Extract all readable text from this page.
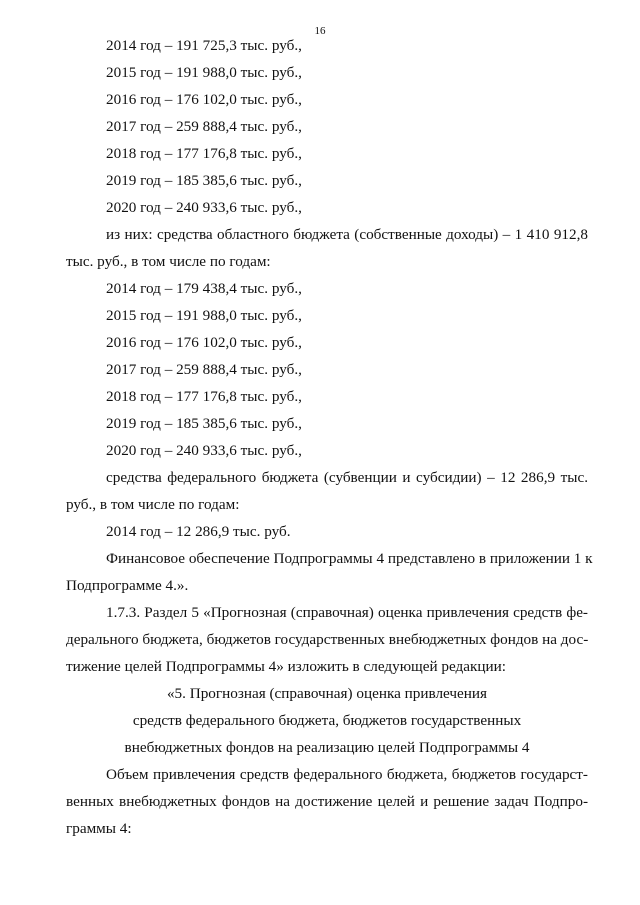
16
2014 год – 191 725,3 тыс. руб.,
2015 год – 191 988,0 тыс. руб.,
2016 год – 176 102,0 тыс. руб.,
2017 год – 259 888,4 тыс. руб.,
2018 год – 177 176,8 тыс. руб.,
2019 год – 185 385,6 тыс. руб.,
2020 год – 240 933,6 тыс. руб.,
из них: средства областного бюджета (собственные доходы) – 1 410 912,8
тыс. руб., в том числе по годам:
2014 год – 179 438,4 тыс. руб.,
2015 год – 191 988,0 тыс. руб.,
2016 год – 176 102,0 тыс. руб.,
2017 год – 259 888,4 тыс. руб.,
2018 год – 177 176,8 тыс. руб.,
2019 год – 185 385,6 тыс. руб.,
2020 год – 240 933,6 тыс. руб.,
средства федерального бюджета (субвенции и субсидии) – 12 286,9 тыс.
руб., в том числе по годам:
2014 год – 12 286,9 тыс. руб.
Финансовое обеспечение Подпрограммы 4 представлено в приложении 1 к
Подпрограмме 4.».
1.7.3. Раздел 5 «Прогнозная (справочная) оценка привлечения средств фе-
дерального бюджета, бюджетов государственных внебюджетных фондов на дос-
тижение целей Подпрограммы 4» изложить в следующей редакции:
«5. Прогнозная (справочная) оценка привлечения
средств федерального бюджета, бюджетов государственных
внебюджетных фондов на реализацию целей Подпрограммы 4
Объем привлечения средств федерального бюджета, бюджетов государст-
венных внебюджетных фондов на достижение целей и решение задач Подпро-
граммы 4:
